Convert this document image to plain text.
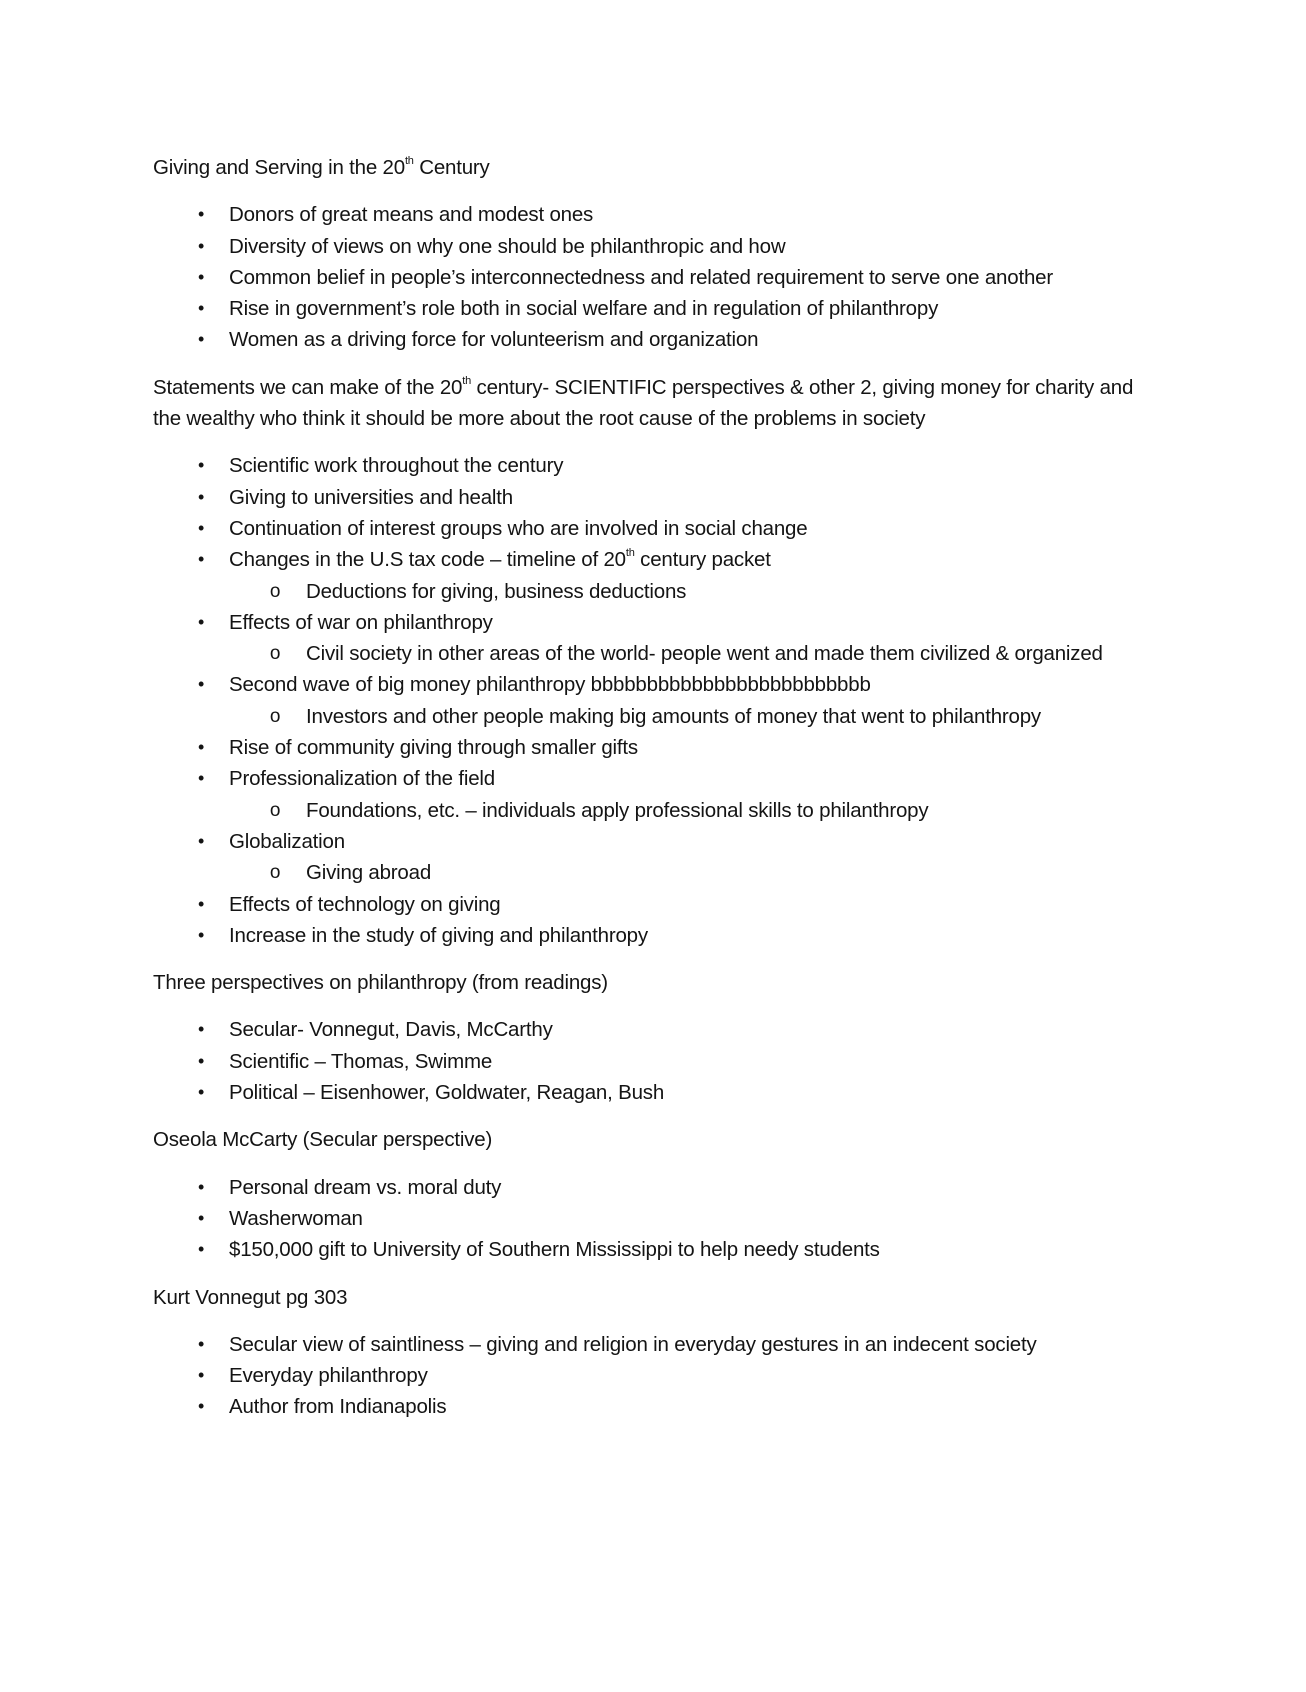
Giving and Serving in the 20th Century

•	Donors of great means and modest ones
•	Diversity of views on why one should be philanthropic and how
•	Common belief in people’s interconnectedness and related requirement to serve one another
•	Rise in government’s role both in social welfare and in regulation of philanthropy
•	Women as a driving force for volunteerism and organization

Statements we can make of the 20th century- SCIENTIFIC perspectives & other 2, giving money for charity and the wealthy who think it should be more about the root cause of the problems in society

•	Scientific work throughout the century
•	Giving to universities and health
•	Continuation of interest groups who are involved in social change
•	Changes in the U.S tax code – timeline of 20th century packet
o Deductions for giving, business deductions
•	Effects of war on philanthropy
o Civil society in other areas of the world- people went and made them civilized & organized
•	Second wave of big money philanthropy bbbbbbbbbbbbbbbbbbbbbbbbb
o Investors and other people making big amounts of money that went to philanthropy
•	Rise of community giving through smaller gifts
•	Professionalization of the field
o Foundations, etc. – individuals apply professional skills to philanthropy
•	Globalization
o Giving abroad
•	Effects of technology on giving
•	Increase in the study of giving and philanthropy

Three perspectives on philanthropy (from readings)

•	Secular- Vonnegut, Davis, McCarthy
•	Scientific – Thomas, Swimme
•	Political – Eisenhower, Goldwater, Reagan, Bush

Oseola McCarty (Secular perspective)

•	Personal dream vs. moral duty
•	Washerwoman
•	$150,000 gift to University of Southern Mississippi to help needy students

Kurt Vonnegut pg 303

•	Secular view of saintliness – giving and religion in everyday gestures in an indecent society
•	Everyday philanthropy
•	Author from Indianapolis
